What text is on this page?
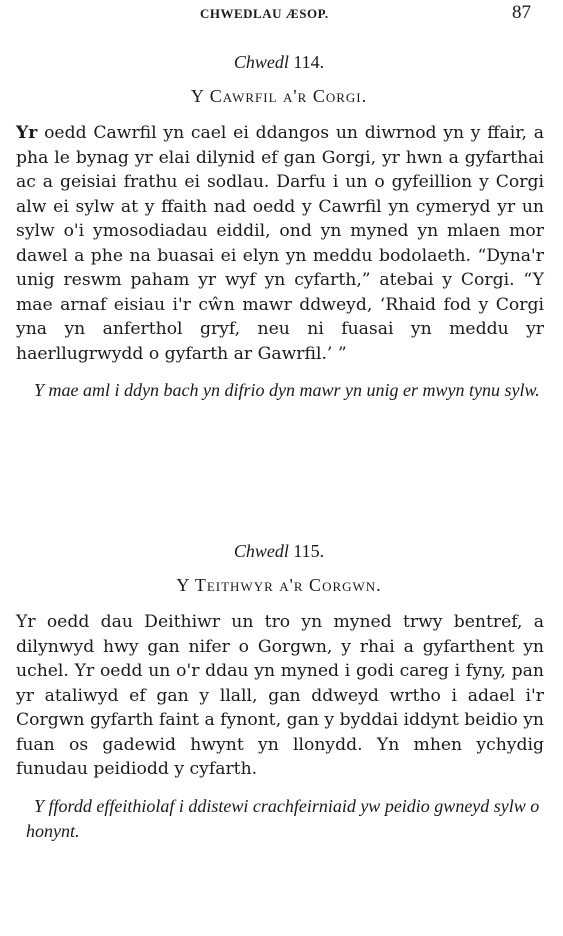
CHWEDLAU ÆSOP.	87

Chwedl 114.

Y Cawrfil a'r Corgi.

Yr oedd Cawrfil yn cael ei ddangos un diwrnod yn y ffair, a pha le bynag yr elai dilynid ef gan Gorgi, yr hwn a gyfarthai ac a geisiai frathu ei sodlau. Darfu i un o gyfeillion y Corgi alw ei sylw at y ffaith nad oedd y Cawrfil yn cymeryd yr un sylw o'i ymosodiadau eiddil, ond yn myned yn mlaen mor dawel a phe na buasai ei elyn yn meddu bodolaeth. “Dyna'r unig reswm paham yr wyf yn cyfarth,” atebai y Corgi. “Y mae arnaf eisiau i'r cŵn mawr ddweyd, ‘Rhaid fod y Corgi yna yn anferthol gryf, neu ni fuasai yn meddu yr haerllugrwydd o gyfarth ar Gawrfil.’ ”

Y mae aml i ddyn bach yn difrio dyn mawr yn unig er mwyn tynu sylw.

Chwedl 115.

Y Teithwyr a'r Corgwn.

Yr oedd dau Deithiwr un tro yn myned trwy bentref, a dilynwyd hwy gan nifer o Gorgwn, y rhai a gyfarthent yn uchel. Yr oedd un o'r ddau yn myned i godi careg i fyny, pan yr ataliwyd ef gan y llall, gan ddweyd wrtho i adael i'r Corgwn gyfarth faint a fynont, gan y byddai iddynt beidio yn fuan os gadewid hwynt yn llonydd. Yn mhen ychydig funudau peidiodd y cyfarth.

Y ffordd effeithiolaf i ddistewi crachfeirniaid yw peidio gwneyd sylw o honynt.
